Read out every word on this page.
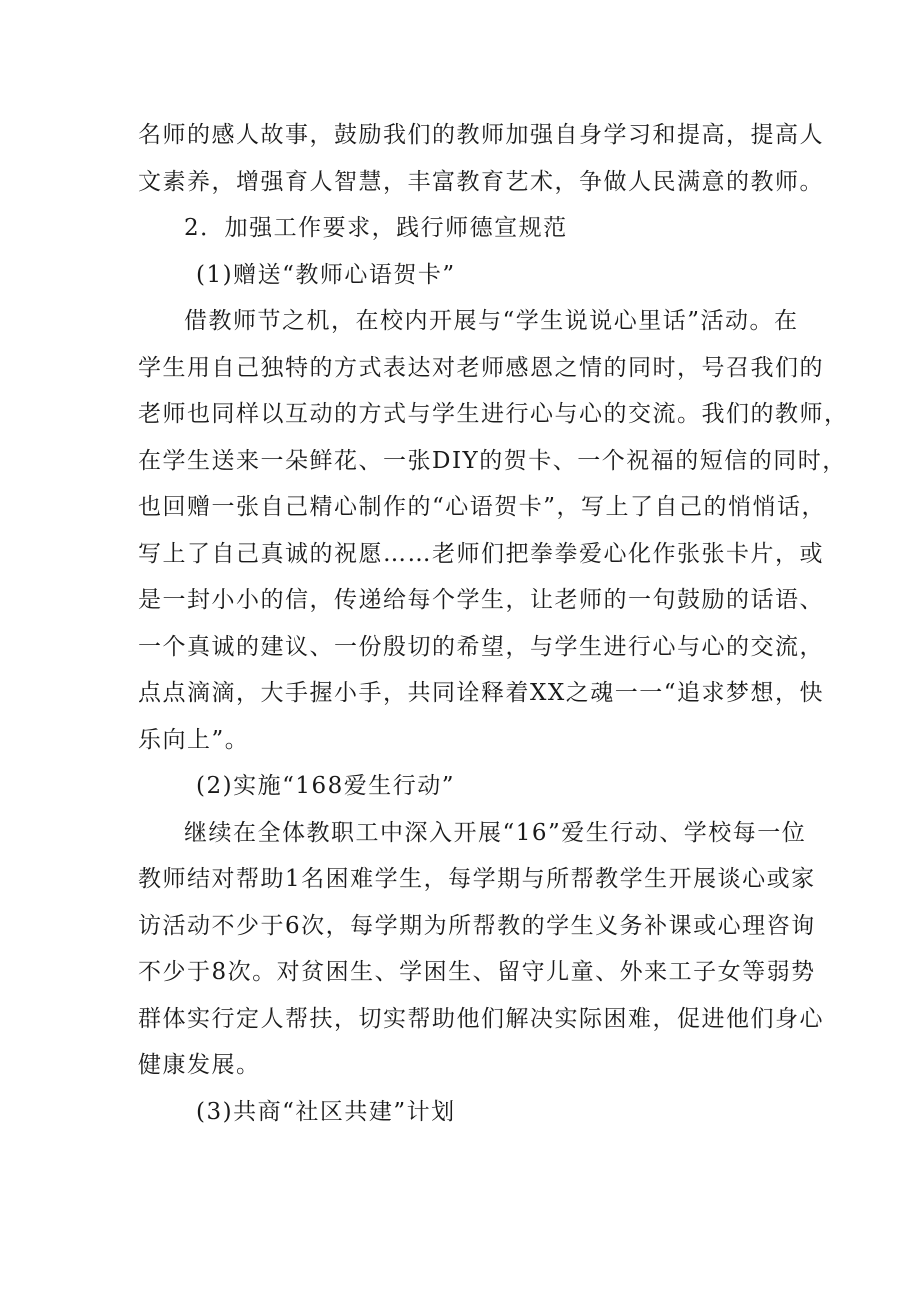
名师的感人故事，鼓励我们的教师加强自身学习和提高，提高人
文素养，增强育人智慧，丰富教育艺术，争做人民满意的教师。
2．加强工作要求，践行师德宣规范
(1)赠送“教师心语贺卡”
借教师节之机，在校内开展与“学生说说心里话”活动。在
学生用自己独特的方式表达对老师感恩之情的同时，号召我们的
老师也同样以互动的方式与学生进行心与心的交流。我们的教师，
在学生送来一朵鲜花、一张DIY的贺卡、一个祝福的短信的同时，
也回赠一张自己精心制作的“心语贺卡”，写上了自己的悄悄话，
写上了自己真诚的祝愿……老师们把拳拳爱心化作张张卡片，或
是一封小小的信，传递给每个学生，让老师的一句鼓励的话语、
一个真诚的建议、一份殷切的希望，与学生进行心与心的交流，
点点滴滴，大手握小手，共同诠释着XX之魂一一“追求梦想，快
乐向上”。
(2)实施“168爱生行动”
继续在全体教职工中深入开展“16”爱生行动、学校每一位
教师结对帮助1名困难学生，每学期与所帮教学生开展谈心或家
访活动不少于6次，每学期为所帮教的学生义务补课或心理咨询
不少于8次。对贫困生、学困生、留守儿童、外来工子女等弱势
群体实行定人帮扶，切实帮助他们解决实际困难，促进他们身心
健康发展。
(3)共商“社区共建”计划
